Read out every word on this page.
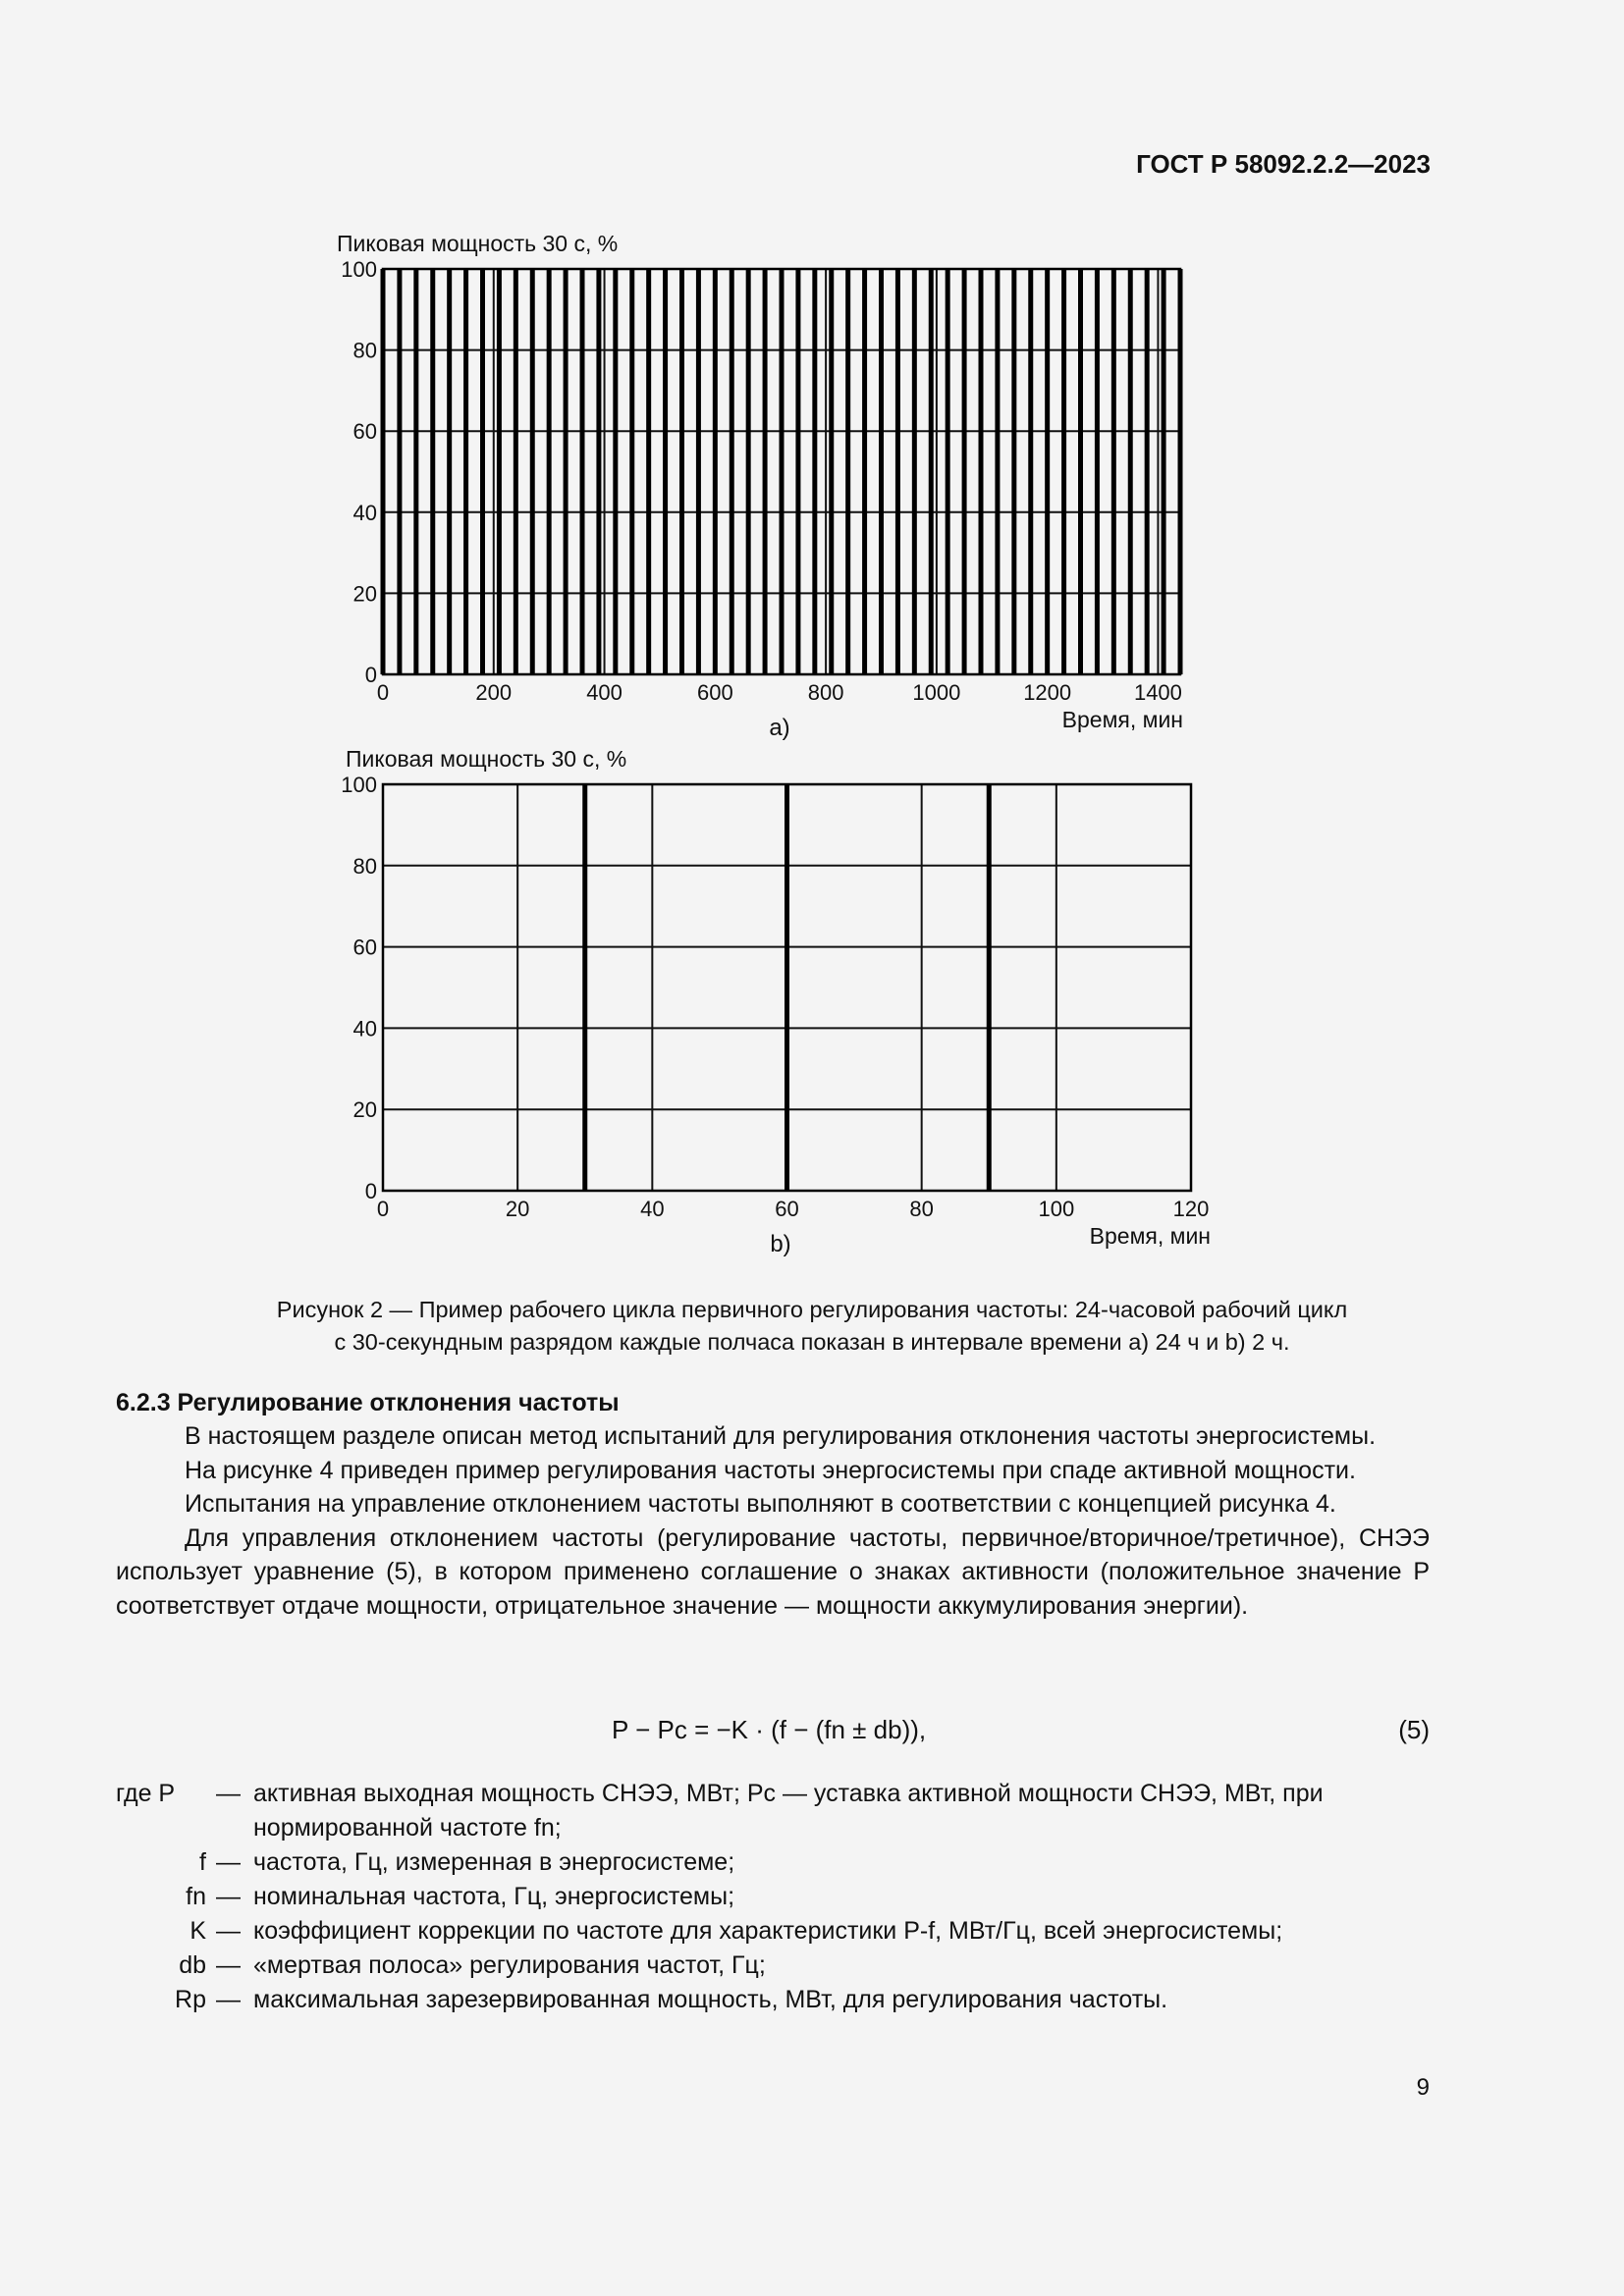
ГОСТ Р 58092.2.2—2023
0
20
40
60
80
100
0	200	400	600	800	1000	1200	1400
Пиковая мощность 30 с, %
Время, мин
a)
0
20
40
60
80
100
0	20	40	60	80	100	120
Пиковая мощность 30 с, %
Время, мин
b)
Рисунок 2 — Пример рабочего цикла первичного регулирования частоты: 24-часовой рабочий цикл
с 30-секундным разрядом каждые полчаса показан в интервале времени a) 24 ч и b) 2 ч.
6.2.3 Регулирование отклонения частоты

В настоящем разделе описан метод испытаний для регулирования отклонения частоты энергосистемы.

На рисунке 4 приведен пример регулирования частоты энергосистемы при спаде активной мощности.

Испытания на управление отклонением частоты выполняют в соответствии с концепцией рисунка 4.

Для управления отклонением частоты (регулирование частоты, первичное/вторичное/третичное), СНЭЭ использует уравнение (5), в котором применено соглашение о знаках активности (положительное значение P соответствует отдаче мощности, отрицательное значение — мощности аккумулирования энергии).

P − Pc = −K · (f − (fn ± db)),	(5)
где P	— активная выходная мощность СНЭЭ, МВт; Pc — уставка активной мощности СНЭЭ, МВт, при нормированной частоте fn;
f — частота, Гц, измеренная в энергосистеме;
fn — номинальная частота, Гц, энергосистемы;
K — коэффициент коррекции по частоте для характеристики P-f, МВт/Гц, всей энергосистемы;
db — «мертвая полоса» регулирования частот, Гц;
Rp — максимальная зарезервированная мощность, МВт, для регулирования частоты.
9
